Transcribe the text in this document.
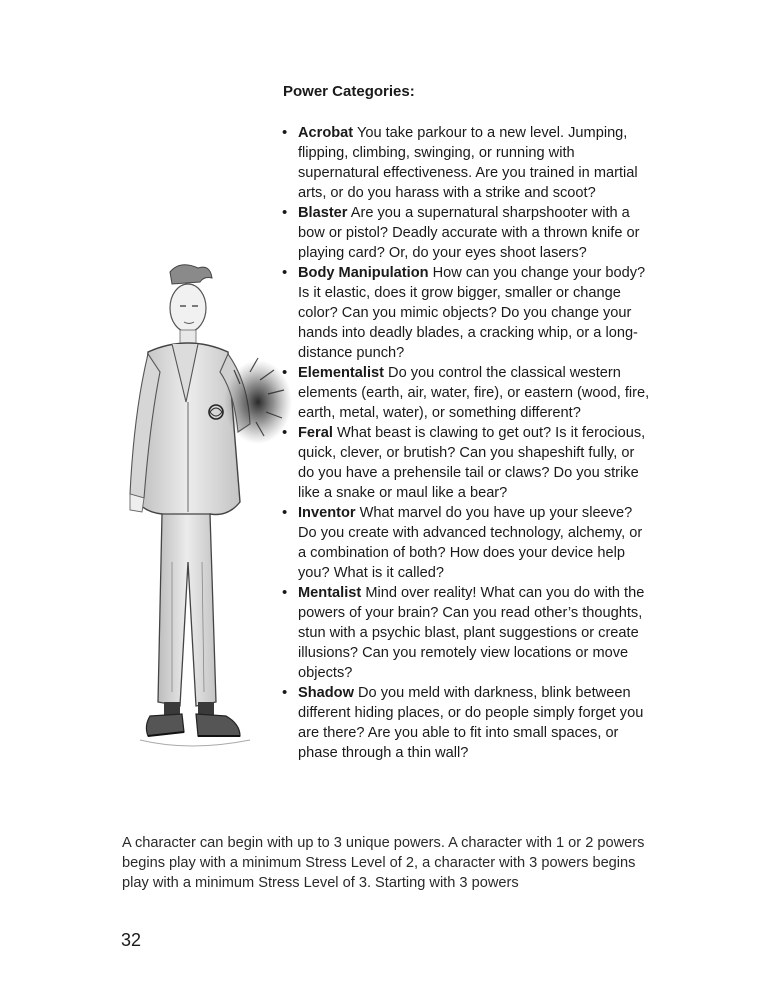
Power Categories:

• Acrobat You take parkour to a new level. Jumping, flipping, climbing, swinging, or running with supernatural effectiveness. Are you trained in martial arts, or do you harass with a strike and scoot?
• Blaster Are you a supernatural sharpshooter with a bow or pistol? Deadly accurate with a thrown knife or playing card? Or, do your eyes shoot lasers?
• Body Manipulation How can you change your body? Is it elastic, does it grow bigger, smaller or change color? Can you mimic objects? Do you change your hands into deadly blades, a cracking whip, or a long-distance punch?
• Elementalist Do you control the classical western elements (earth, air, water, fire), or eastern (wood, fire, earth, metal, water), or something different?
• Feral What beast is clawing to get out? Is it ferocious, quick, clever, or brutish? Can you shapeshift fully, or do you have a prehensile tail or claws? Do you strike like a snake or maul like a bear?
• Inventor What marvel do you have up your sleeve? Do you create with advanced technology, alchemy, or a combination of both? How does your device help you? What is it called?
• Mentalist Mind over reality! What can you do with the powers of your brain? Can you read other’s thoughts, stun with a psychic blast, plant suggestions or create illusions? Can you remotely view locations or move objects?
• Shadow Do you meld with darkness, blink between different hiding places, or do people simply forget you are there? Are you able to fit into small spaces, or phase through a thin wall?

A character can begin with up to 3 unique powers. A character with 1 or 2 powers begins play with a minimum Stress Level of 2, a character with 3 powers begins play with a minimum Stress Level of 3. Starting with 3 powers

32
